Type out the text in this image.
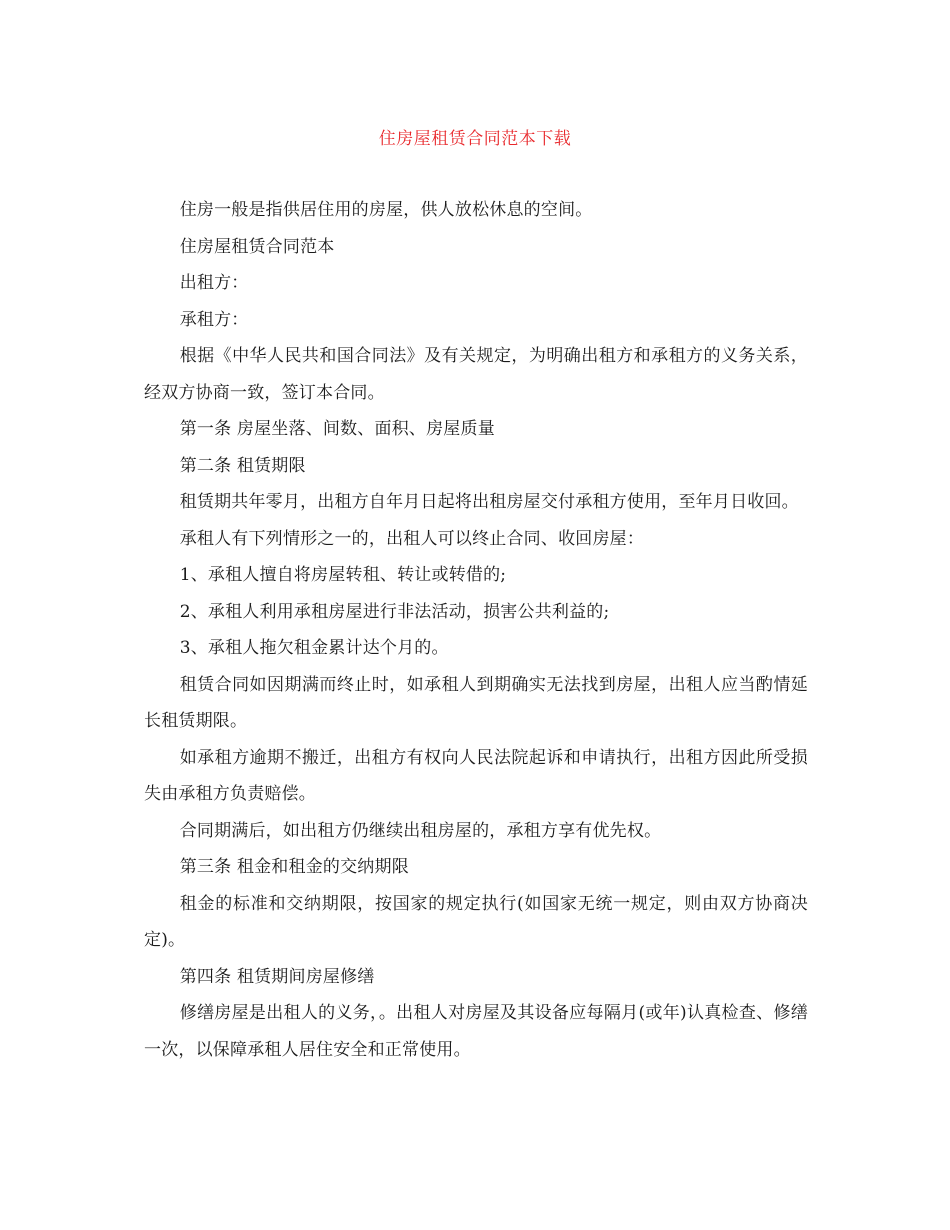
住房屋租赁合同范本下载

住房一般是指供居住用的房屋，供人放松休息的空间。

住房屋租赁合同范本

出租方：

承租方：

根据《中华人民共和国合同法》及有关规定，为明确出租方和承租方的义务关系，经双方协商一致，签订本合同。

第一条 房屋坐落、间数、面积、房屋质量

第二条 租赁期限

租赁期共年零月，出租方自年月日起将出租房屋交付承租方使用，至年月日收回。

承租人有下列情形之一的，出租人可以终止合同、收回房屋：

1、承租人擅自将房屋转租、转让或转借的;

2、承租人利用承租房屋进行非法活动，损害公共利益的;

3、承租人拖欠租金累计达个月的。

租赁合同如因期满而终止时，如承租人到期确实无法找到房屋，出租人应当酌情延长租赁期限。

如承租方逾期不搬迁，出租方有权向人民法院起诉和申请执行，出租方因此所受损失由承租方负责赔偿。

合同期满后，如出租方仍继续出租房屋的，承租方享有优先权。

第三条 租金和租金的交纳期限

租金的标准和交纳期限，按国家的规定执行(如国家无统一规定，则由双方协商决定)。

第四条 租赁期间房屋修缮

修缮房屋是出租人的义务，。出租人对房屋及其设备应每隔月(或年)认真检查、修缮一次，以保障承租人居住安全和正常使用。
